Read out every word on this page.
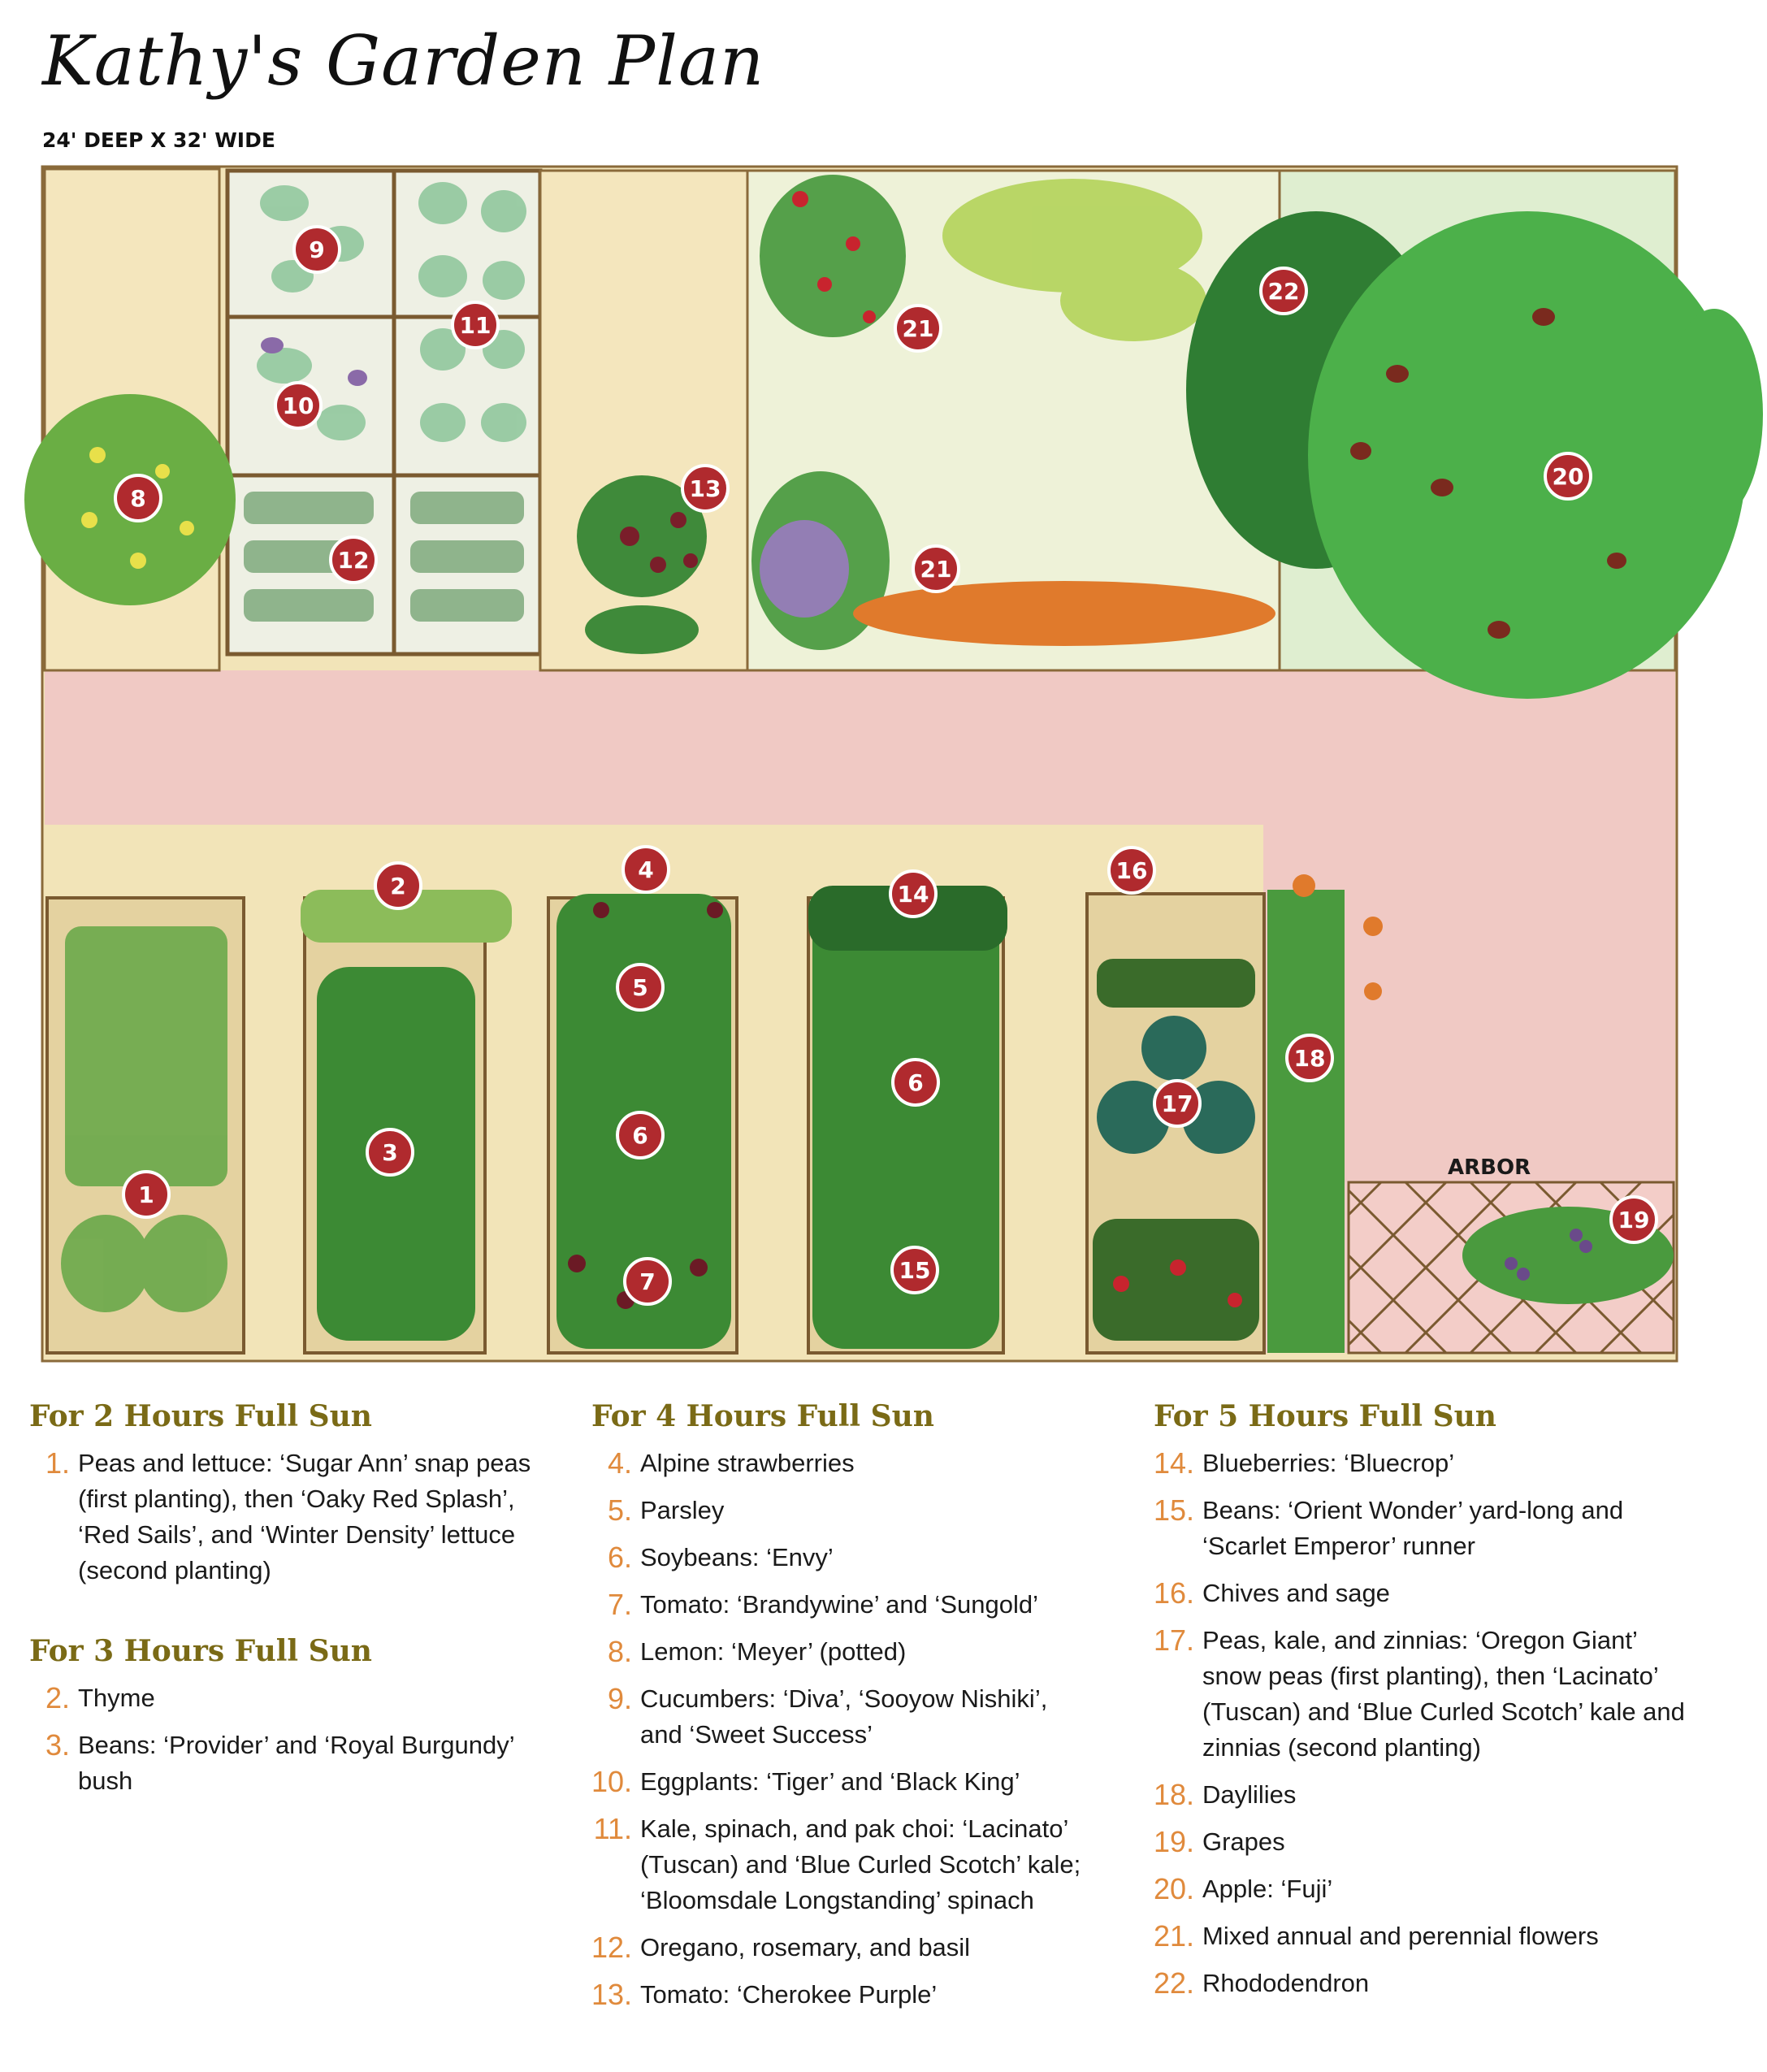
Kathy's Garden Plan
24' DEEP X 32' WIDE
ARBOR
1
2
3
4
5
6
6
7
8
9
10
11
12
13
14
15
16
17
18
19
20
21
21
22
For 2 Hours Full Sun
1. Peas and lettuce: ‘Sugar Ann’ snap peas (first planting), then ‘Oaky Red Splash’, ‘Red Sails’, and ‘Winter Density’ lettuce (second planting)
For 3 Hours Full Sun
2. Thyme
3. Beans: ‘Provider’ and ‘Royal Burgundy’ bush
For 4 Hours Full Sun
4. Alpine strawberries
5. Parsley
6. Soybeans: ‘Envy’
7. Tomato: ‘Brandywine’ and ‘Sungold’
8. Lemon: ‘Meyer’ (potted)
9. Cucumbers: ‘Diva’, ‘Sooyow Nishiki’, and ‘Sweet Success’
10. Eggplants: ‘Tiger’ and ‘Black King’
11. Kale, spinach, and pak choi: ‘Lacinato’ (Tuscan) and ‘Blue Curled Scotch’ kale; ‘Bloomsdale Longstanding’ spinach
12. Oregano, rosemary, and basil
13. Tomato: ‘Cherokee Purple’
For 5 Hours Full Sun
14. Blueberries: ‘Bluecrop’
15. Beans: ‘Orient Wonder’ yard-long and ‘Scarlet Emperor’ runner
16. Chives and sage
17. Peas, kale, and zinnias: ‘Oregon Giant’ snow peas (first planting), then ‘Lacinato’ (Tuscan) and ‘Blue Curled Scotch’ kale and zinnias (second planting)
18. Daylilies
19. Grapes
20. Apple: ‘Fuji’
21. Mixed annual and perennial flowers
22. Rhododendron
